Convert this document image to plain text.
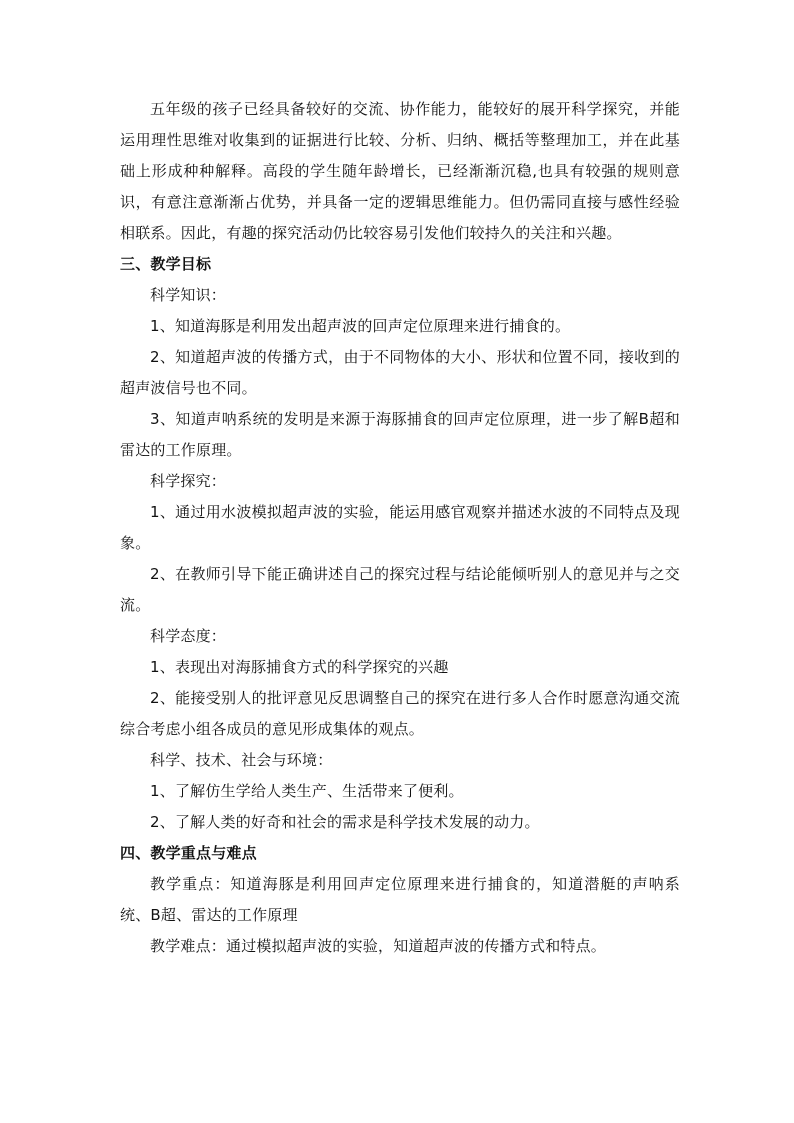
五年级的孩子已经具备较好的交流、协作能力，能较好的展开科学探究，并能运用理性思维对收集到的证据进行比较、分析、归纳、概括等整理加工，并在此基础上形成种种解释。高段的学生随年龄增长，已经渐渐沉稳,也具有较强的规则意识，有意注意渐渐占优势，并具备一定的逻辑思维能力。但仍需同直接与感性经验相联系。因此，有趣的探究活动仍比较容易引发他们较持久的关注和兴趣。

三、教学目标

科学知识：

1、知道海豚是利用发出超声波的回声定位原理来进行捕食的。

2、知道超声波的传播方式，由于不同物体的大小、形状和位置不同，接收到的超声波信号也不同。

3、知道声呐系统的发明是来源于海豚捕食的回声定位原理，进一步了解B超和雷达的工作原理。

科学探究：

1、通过用水波模拟超声波的实验，能运用感官观察并描述水波的不同特点及现象。

2、在教师引导下能正确讲述自己的探究过程与结论能倾听别人的意见并与之交流。

科学态度：

1、表现出对海豚捕食方式的科学探究的兴趣

2、能接受别人的批评意见反思调整自己的探究在进行多人合作时愿意沟通交流综合考虑小组各成员的意见形成集体的观点。

科学、技术、社会与环境：

1、了解仿生学给人类生产、生活带来了便利。

2、了解人类的好奇和社会的需求是科学技术发展的动力。

四、教学重点与难点

教学重点：知道海豚是利用回声定位原理来进行捕食的，知道潜艇的声呐系统、B超、雷达的工作原理

教学难点：通过模拟超声波的实验，知道超声波的传播方式和特点。
